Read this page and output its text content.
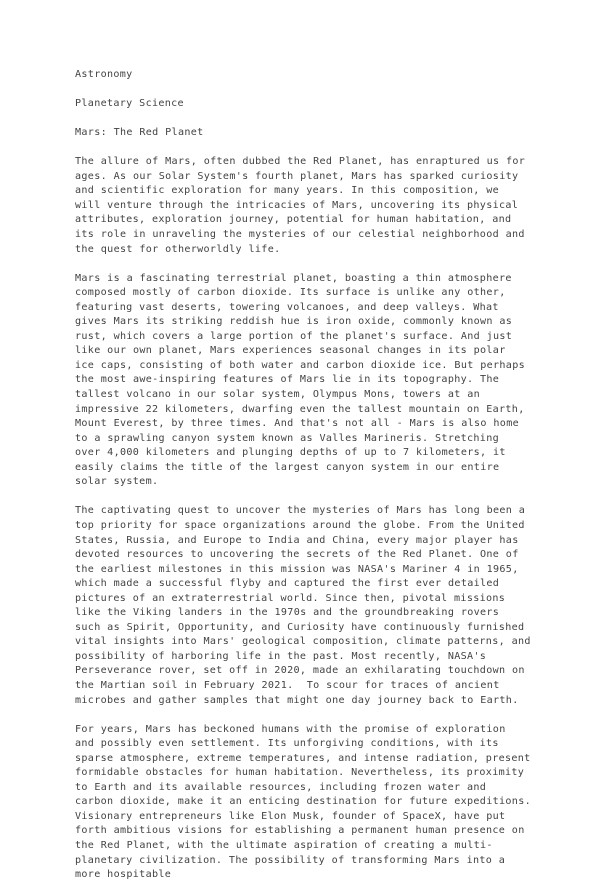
Astronomy
Planetary Science
Mars: The Red Planet

The allure of Mars, often dubbed the Red Planet, has enraptured us for ages. As our Solar System's fourth planet, Mars has sparked curiosity and scientific exploration for many years. In this composition, we will venture through the intricacies of Mars, uncovering its physical attributes, exploration journey, potential for human habitation, and its role in unraveling the mysteries of our celestial neighborhood and the quest for otherworldly life.

Mars is a fascinating terrestrial planet, boasting a thin atmosphere composed mostly of carbon dioxide. Its surface is unlike any other, featuring vast deserts, towering volcanoes, and deep valleys. What gives Mars its striking reddish hue is iron oxide, commonly known as rust, which covers a large portion of the planet's surface. And just like our own planet, Mars experiences seasonal changes in its polar ice caps, consisting of both water and carbon dioxide ice. But perhaps the most awe-inspiring features of Mars lie in its topography. The tallest volcano in our solar system, Olympus Mons, towers at an impressive 22 kilometers, dwarfing even the tallest mountain on Earth, Mount Everest, by three times. And that's not all - Mars is also home to a sprawling canyon system known as Valles Marineris. Stretching over 4,000 kilometers and plunging depths of up to 7 kilometers, it easily claims the title of the largest canyon system in our entire solar system.

The captivating quest to uncover the mysteries of Mars has long been a top priority for space organizations around the globe. From the United States, Russia, and Europe to India and China, every major player has devoted resources to uncovering the secrets of the Red Planet. One of the earliest milestones in this mission was NASA's Mariner 4 in 1965, which made a successful flyby and captured the first ever detailed pictures of an extraterrestrial world. Since then, pivotal missions like the Viking landers in the 1970s and the groundbreaking rovers such as Spirit, Opportunity, and Curiosity have continuously furnished vital insights into Mars' geological composition, climate patterns, and possibility of harboring life in the past. Most recently, NASA's Perseverance rover, set off in 2020, made an exhilarating touchdown on the Martian soil in February 2021.  To scour for traces of ancient microbes and gather samples that might one day journey back to Earth.

For years, Mars has beckoned humans with the promise of exploration and possibly even settlement. Its unforgiving conditions, with its sparse atmosphere, extreme temperatures, and intense radiation, present formidable obstacles for human habitation. Nevertheless, its proximity to Earth and its available resources, including frozen water and carbon dioxide, make it an enticing destination for future expeditions. Visionary entrepreneurs like Elon Musk, founder of SpaceX, have put forth ambitious visions for establishing a permanent human presence on the Red Planet, with the ultimate aspiration of creating a multi-planetary civilization. The possibility of transforming Mars into a more hospitable
